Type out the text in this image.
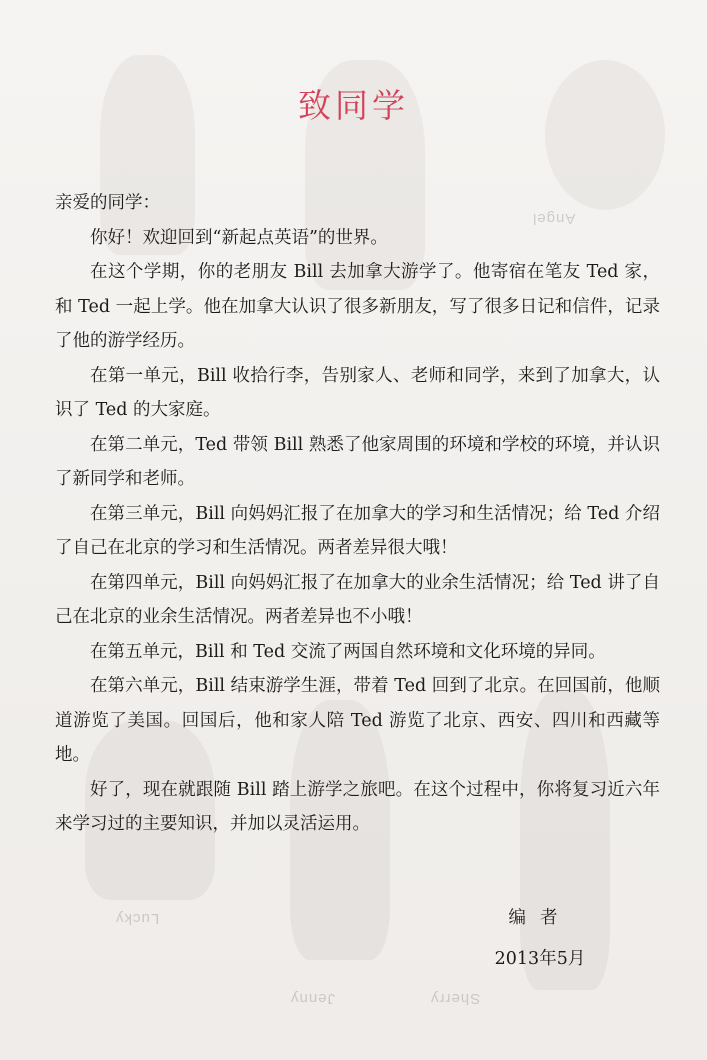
Angel
Lucky
Jenny	Sherry
致同学

亲爱的同学：

你好！欢迎回到“新起点英语”的世界。

在这个学期，你的老朋友 Bill 去加拿大游学了。他寄宿在笔友 Ted 家，和 Ted 一起上学。他在加拿大认识了很多新朋友，写了很多日记和信件，记录了他的游学经历。

在第一单元，Bill 收拾行李，告别家人、老师和同学，来到了加拿大，认识了 Ted 的大家庭。

在第二单元，Ted 带领 Bill 熟悉了他家周围的环境和学校的环境，并认识了新同学和老师。

在第三单元，Bill 向妈妈汇报了在加拿大的学习和生活情况；给 Ted 介绍了自己在北京的学习和生活情况。两者差异很大哦！

在第四单元，Bill 向妈妈汇报了在加拿大的业余生活情况；给 Ted 讲了自己在北京的业余生活情况。两者差异也不小哦！

在第五单元，Bill 和 Ted 交流了两国自然环境和文化环境的异同。

在第六单元，Bill 结束游学生涯，带着 Ted 回到了北京。在回国前，他顺道游览了美国。回国后，他和家人陪 Ted 游览了北京、西安、四川和西藏等地。

好了，现在就跟随 Bill 踏上游学之旅吧。在这个过程中，你将复习近六年来学习过的主要知识，并加以灵活运用。

编者
2013年5月
